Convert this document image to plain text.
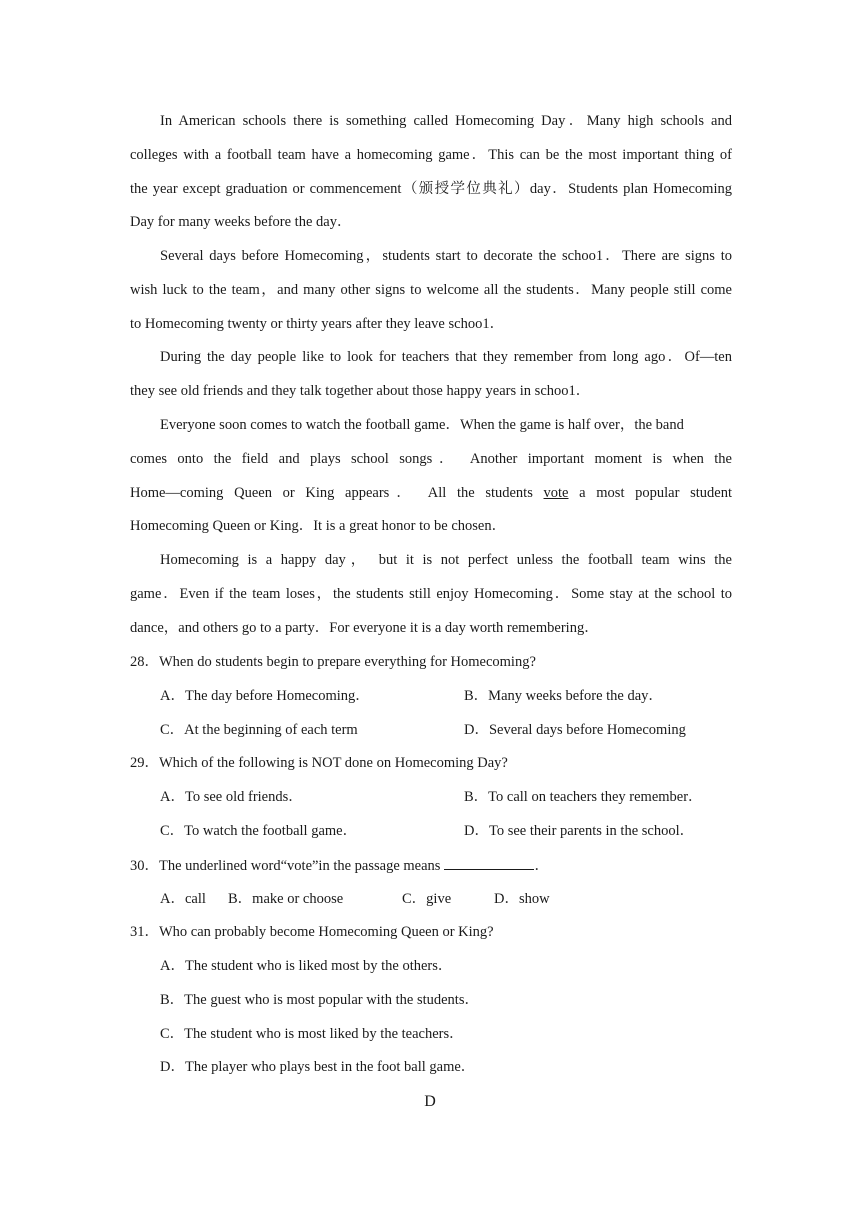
In American schools there is something called Homecoming Day．Many high schools and
colleges with a football team have a homecoming game．This can be the most important thing of
the year except graduation or commencement（颁授学位典礼）day．Students plan Homecoming
Day for many weeks before the day．
Several days before Homecoming，students start to decorate the schoo1．There are signs to
wish luck to the team，and many other signs to welcome all the students．Many people still come
to Homecoming twenty or thirty years after they leave schoo1．
During the day people like to look for teachers that they remember from long ago．Of—ten
they see old friends and they talk together about those happy years in schoo1．
Everyone soon comes to watch the football game．When the game is half over，the band
comes onto the field and plays school songs． Another important moment is when the
Home—coming Queen or King appears． All the students vote a most popular student
Homecoming Queen or King．It is a great honor to be chosen．
Homecoming is a happy day， but it is not perfect unless the football team wins the
game．Even if the team loses，the students still enjoy Homecoming．Some stay at the school to
dance，and others go to a party．For everyone it is a day worth remembering．

28．When do students begin to prepare everything for Homecoming?

A．The day before Homecoming．	B．Many weeks before the day．

C．At the beginning of each term	D．Several days before Homecoming

29．Which of the following is NOT done on Homecoming Day?

A．To see old friends．	B．To call on teachers they remember．

C．To watch the football game．	D．To see their parents in the school．

30．The underlined word“vote”in the passage means	．

A．call B．make or choose	C．give	D．show

31．Who can probably become Homecoming Queen or King?

A．The student who is liked most by the others．

B．The guest who is most popular with the students．

C．The student who is most liked by the teachers．

D．The player who plays best in the foot ball game．

D
